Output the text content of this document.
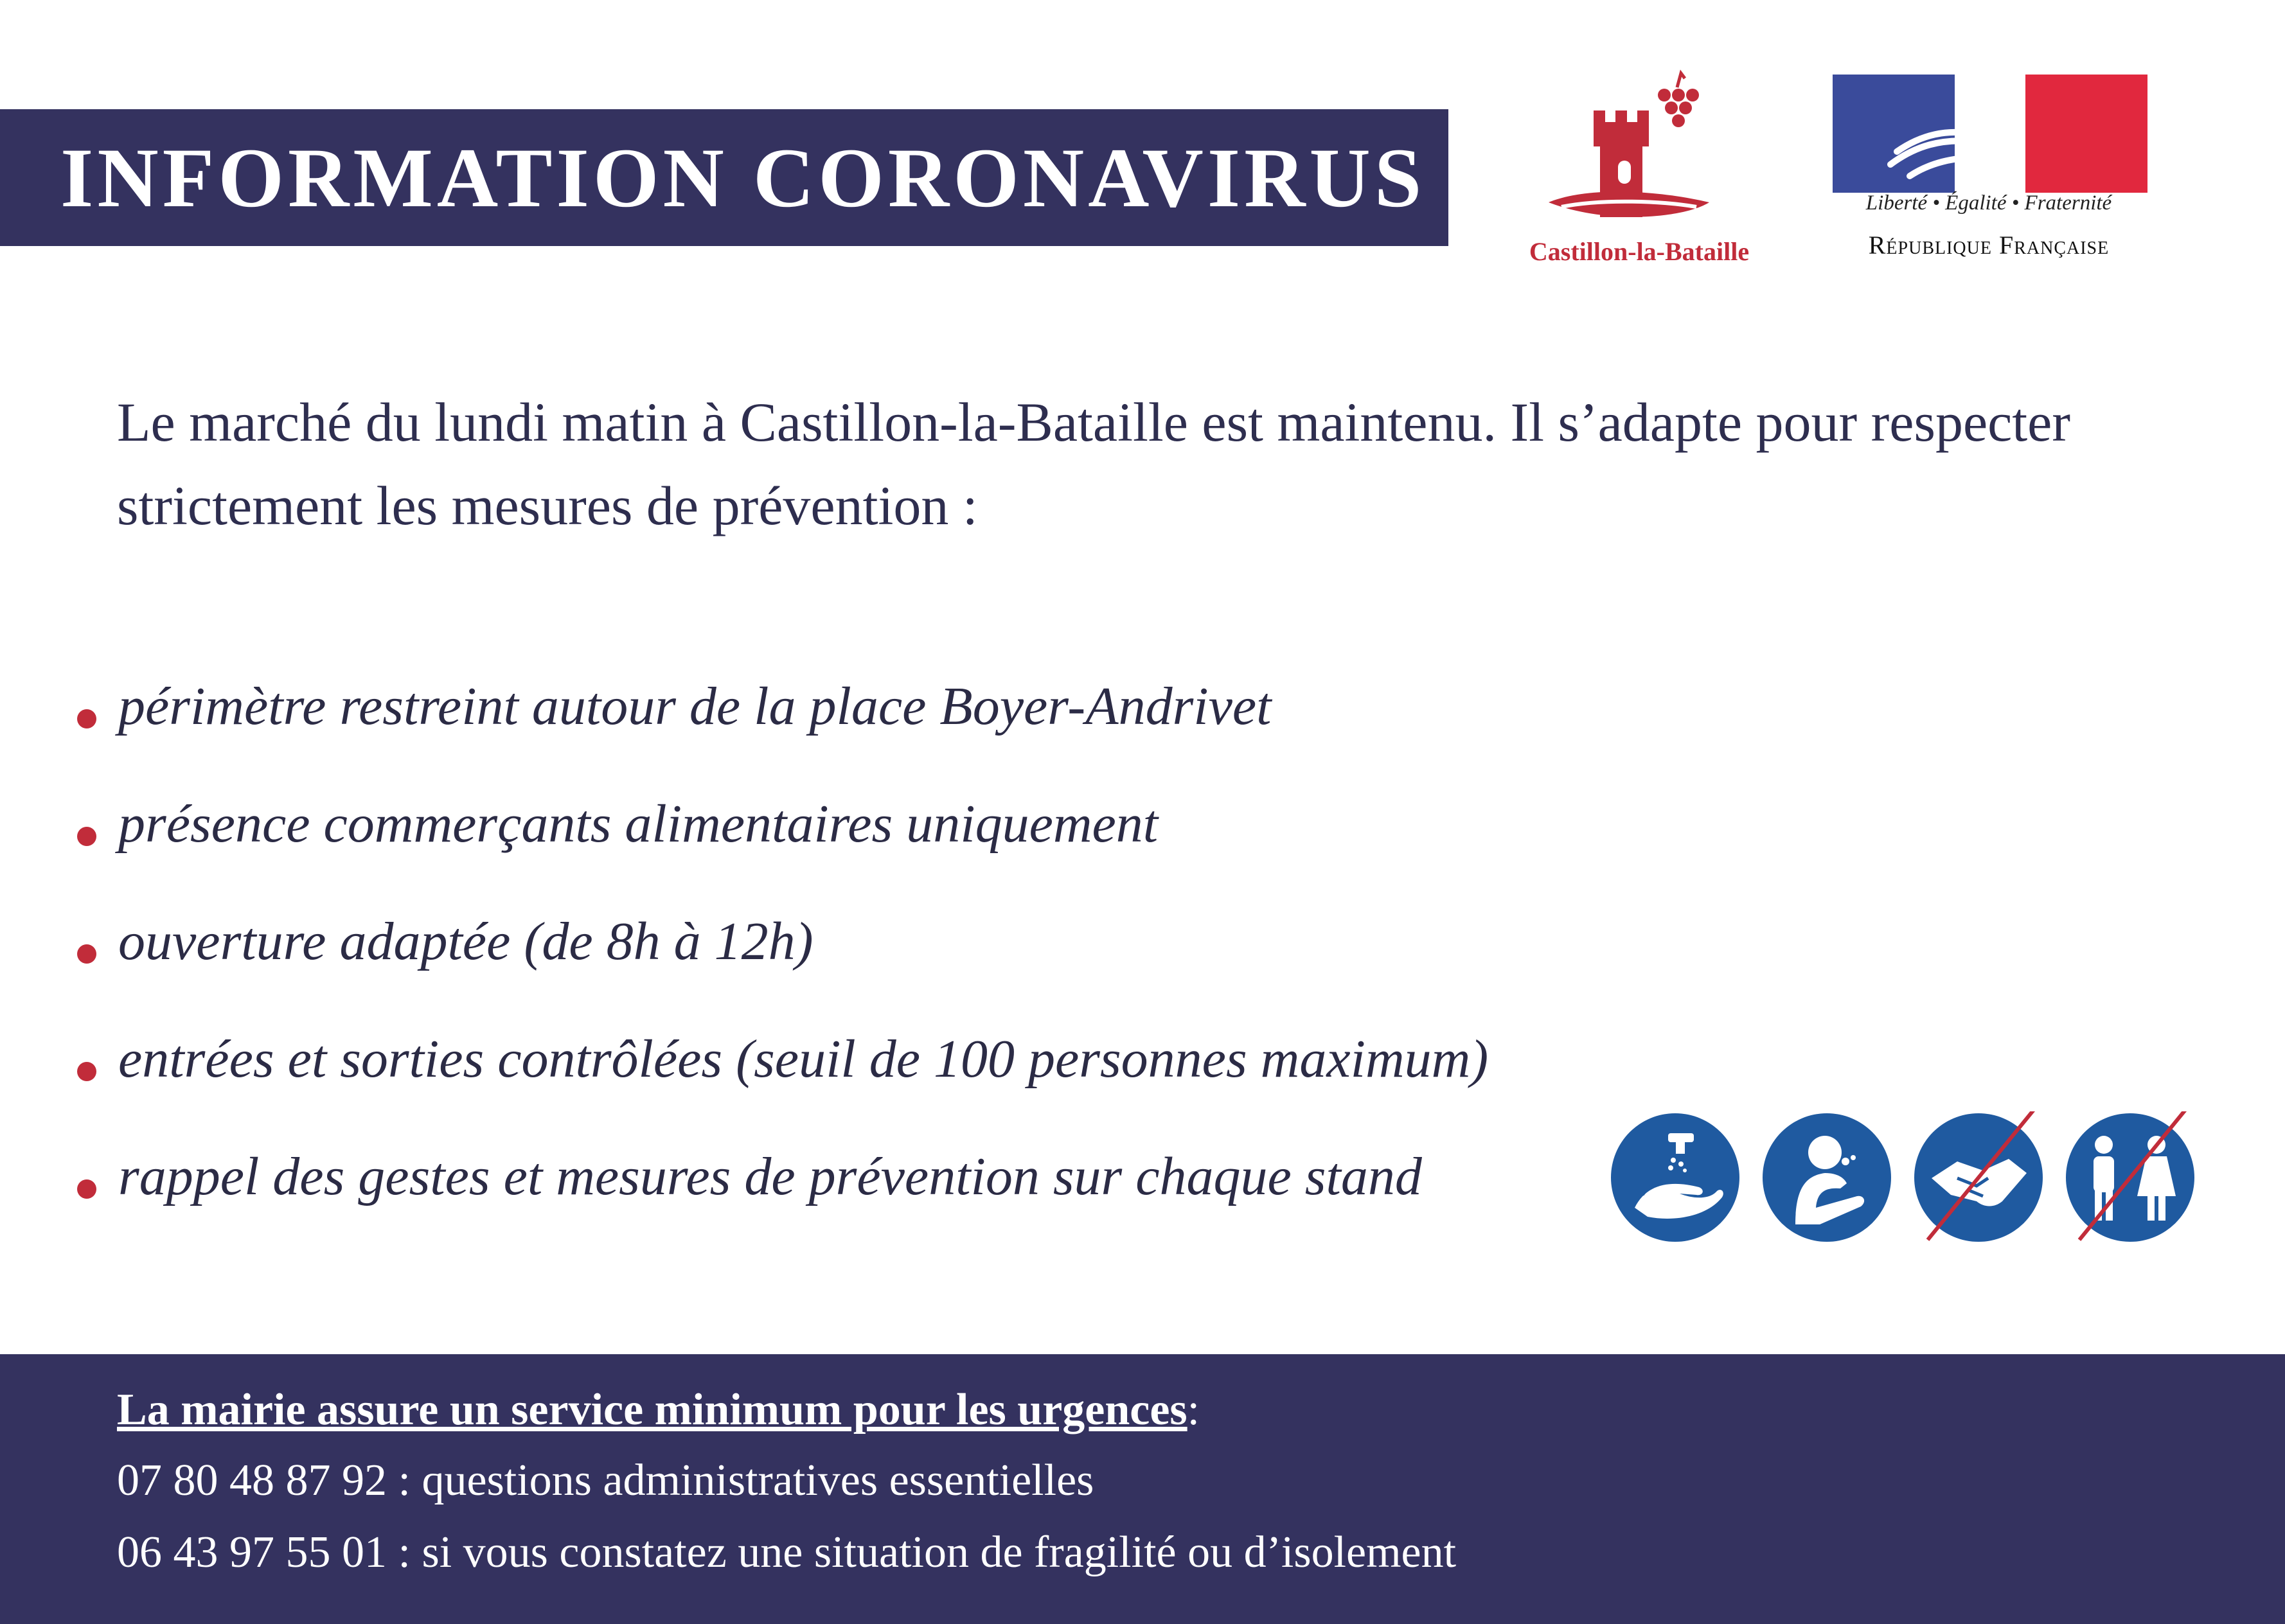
INFORMATION CORONAVIRUS
Castillon-la-Bataille
Liberté • Égalité • Fraternité
République Française
Le marché du lundi matin à Castillon-la-Bataille est maintenu. Il s’adapte pour respecter strictement les mesures de prévention :
périmètre restreint autour de la place Boyer-Andrivet
présence commerçants alimentaires uniquement
ouverture adaptée (de 8h à 12h)
entrées et sorties contrôlées (seuil de 100 personnes maximum)
rappel des gestes et mesures de prévention sur chaque stand
La mairie assure un service minimum pour les urgences:
07 80 48 87 92 : questions administratives essentielles
06 43 97 55 01 : si vous constatez une situation de fragilité ou d’isolement
